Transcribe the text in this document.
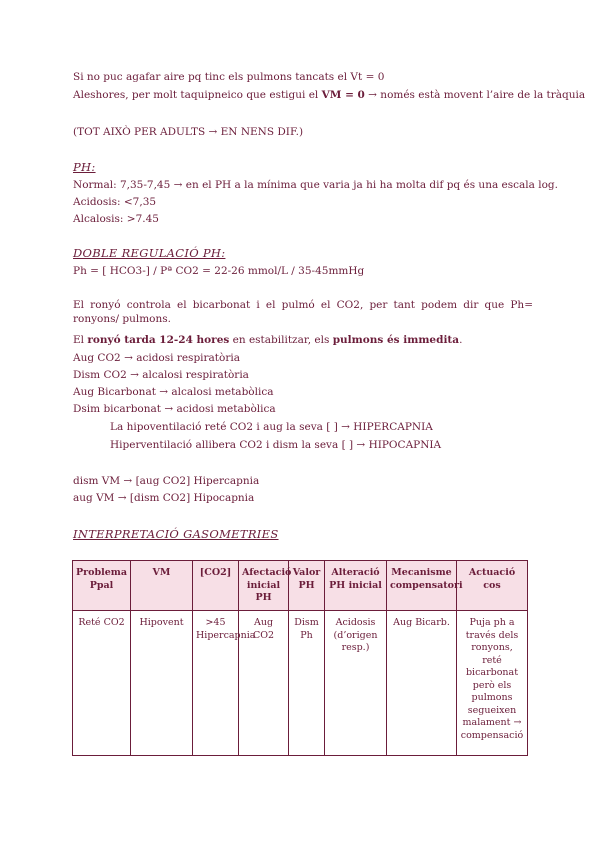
Si no puc agafar aire pq tinc els pulmons tancats el Vt = 0
Aleshores, per molt taquipneico que estigui el VM = 0 → només està movent l’aire de la tràquia
(TOT AIXÒ PER ADULTS → EN NENS DIF.)
PH:
Normal: 7,35-7,45 → en el PH a la mínima que varia ja hi ha molta dif pq és una escala log.
Acidosis: <7,35
Alcalosis: >7.45
DOBLE REGULACIÓ PH:
Ph = [ HCO3-] / Pª CO2 = 22-26 mmol/L / 35-45mmHg
El ronyó controla el bicarbonat i el pulmó el CO2, per tant podem dir que Ph= ronyons/ pulmons.
El ronyó tarda 12-24 hores en estabilitzar, els pulmons és immedita.
Aug CO2 → acidosi respiratòria
Dism CO2 → alcalosi respiratòria
Aug Bicarbonat → alcalosi metabòlica
Dsim bicarbonat → acidosi metabòlica
La hipoventilació reté CO2 i aug la seva [ ] → HIPERCAPNIA
Hiperventilació allibera CO2 i dism la seva [ ] → HIPOCAPNIA
dism VM → [aug CO2] Hipercapnia
aug VM → [dism CO2] Hipocapnia
INTERPRETACIÓ GASOMETRIES
Problema Ppal	VM	[CO2]	Afectació inicial PH	Valor PH	Alteració PH inicial	Mecanisme compensatori	Actuació cos
Reté CO2	Hipovent	>45 Hipercapnia	Aug CO2	Dism Ph	Acidosis (d’origen resp.)	Aug Bicarb.	Puja ph a través dels ronyons, reté bicarbonat però els pulmons segueixen malament → compensació
